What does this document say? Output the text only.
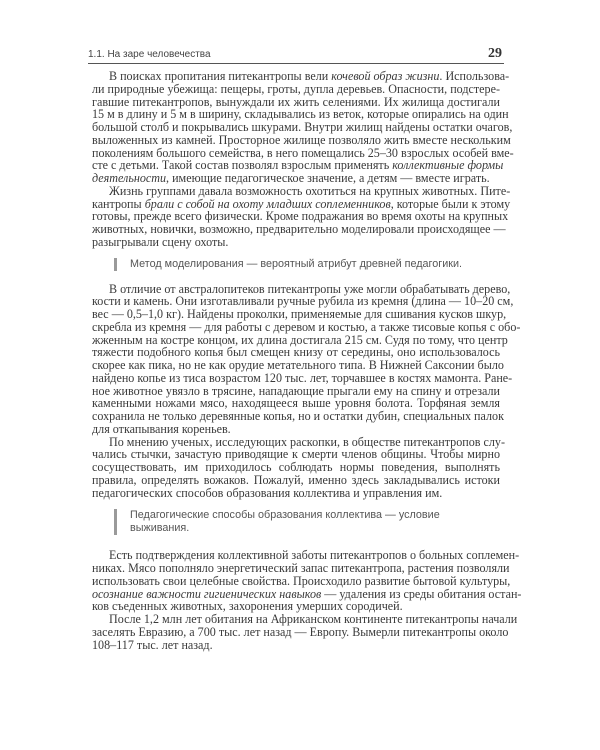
1.1. На заре человечества	29
В поисках пропитания питекантропы вели кочевой образ жизни. Использова-
ли природные убежища: пещеры, гроты, дупла деревьев. Опасности, подстере-
гавшие питекантропов, вынуждали их жить селениями. Их жилища достигали
15 м в длину и 5 м в ширину, складывались из веток, которые опирались на один
большой столб и покрывались шкурами. Внутри жилищ найдены остатки очагов,
выложенных из камней. Просторное жилище позволяло жить вместе нескольким
поколениям большого семейства, в него помещались 25–30 взрослых особей вме-
сте с детьми. Такой состав позволял взрослым применять коллективные формы
деятельности, имеющие педагогическое значение, а детям — вместе играть.
Жизнь группами давала возможность охотиться на крупных животных. Пите-
кантропы брали с собой на охоту младших соплеменников, которые были к этому
готовы, прежде всего физически. Кроме подражания во время охоты на крупных
животных, новички, возможно, предварительно моделировали происходящее —
разыгрывали сцену охоты.
Метод моделирования — вероятный атрибут древней педагогики.
В отличие от австралопитеков питекантропы уже могли обрабатывать дерево,
кости и камень. Они изготавливали ручные рубила из кремня (длина — 10–20 см,
вес — 0,5–1,0 кг). Найдены проколки, применяемые для сшивания кусков шкур,
скребла из кремня — для работы с деревом и костью, а также тисовые копья с обо-
жженным на костре концом, их длина достигала 215 см. Судя по тому, что центр
тяжести подобного копья был смещен книзу от середины, оно использовалось
скорее как пика, но не как орудие метательного типа. В Нижней Саксонии было
найдено копье из тиса возрастом 120 тыс. лет, торчавшее в костях мамонта. Ране-
ное животное увязло в трясине, нападающие прыгали ему на спину и отрезали
каменными ножами мясо, находящееся выше уровня болота. Торфяная земля
сохранила не только деревянные копья, но и остатки дубин, специальных палок
для откапывания кореньев.
По мнению ученых, исследующих раскопки, в обществе питекантропов слу-
чались стычки, зачастую приводящие к смерти членов общины. Чтобы мирно
сосуществовать, им приходилось соблюдать нормы поведения, выполнять
правила, определять вожаков. Пожалуй, именно здесь закладывались истоки
педагогических способов образования коллектива и управления им.
Педагогические способы образования коллектива — условие
выживания.
Есть подтверждения коллективной заботы питекантропов о больных соплемен-
никах. Мясо пополняло энергетический запас питекантропа, растения позволяли
использовать свои целебные свойства. Происходило развитие бытовой культуры,
осознание важности гигиенических навыков — удаления из среды обитания остан-
ков съеденных животных, захоронения умерших сородичей.
После 1,2 млн лет обитания на Африканском континенте питекантропы начали
заселять Евразию, а 700 тыс. лет назад — Европу. Вымерли питекантропы около
108–117 тыс. лет назад.
